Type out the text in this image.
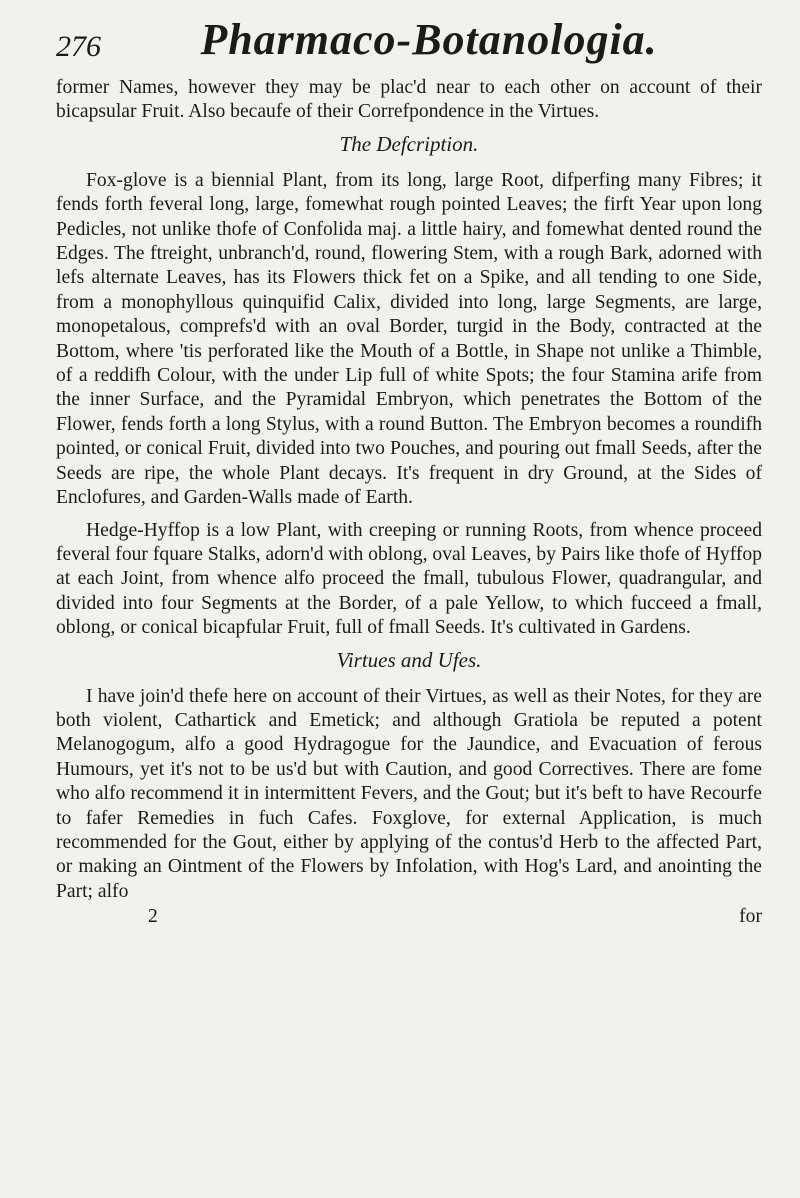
276 Pharmaco-Botanologia.

former Names, however they may be plac'd near to each other on account of their bicapsular Fruit. Also becaufe of their Correfpondence in the Virtues.

The Defcription.

Fox-glove is a biennial Plant, from its long, large Root, difperfing many Fibres; it fends forth feveral long, large, fomewhat rough pointed Leaves; the firft Year upon long Pedicles, not unlike thofe of Confolida maj. a little hairy, and fomewhat dented round the Edges. The ftreight, unbranch'd, round, flowering Stem, with a rough Bark, adorned with lefs alternate Leaves, has its Flowers thick fet on a Spike, and all tending to one Side, from a monophyllous quinquifid Calix, divided into long, large Segments, are large, monopetalous, comprefs'd with an oval Border, turgid in the Body, contracted at the Bottom, where 'tis perforated like the Mouth of a Bottle, in Shape not unlike a Thimble, of a reddifh Colour, with the under Lip full of white Spots; the four Stamina arife from the inner Surface, and the Pyramidal Embryon, which penetrates the Bottom of the Flower, fends forth a long Stylus, with a round Button. The Embryon becomes a roundifh pointed, or conical Fruit, divided into two Pouches, and pouring out fmall Seeds, after the Seeds are ripe, the whole Plant decays. It's frequent in dry Ground, at the Sides of Enclofures, and Garden-Walls made of Earth.

Hedge-Hyffop is a low Plant, with creeping or running Roots, from whence proceed feveral four fquare Stalks, adorn'd with oblong, oval Leaves, by Pairs like thofe of Hyffop at each Joint, from whence alfo proceed the fmall, tubulous Flower, quadrangular, and divided into four Segments at the Border, of a pale Yellow, to which fucceed a fmall, oblong, or conical bicapfular Fruit, full of fmall Seeds. It's cultivated in Gardens.

Virtues and Ufes.

I have join'd thefe here on account of their Virtues, as well as their Notes, for they are both violent, Cathartick and Emetick; and although Gratiola be reputed a potent Melanogogum, alfo a good Hydragogue for the Jaundice, and Evacuation of ferous Humours, yet it's not to be us'd but with Caution, and good Correctives. There are fome who alfo recommend it in intermittent Fevers, and the Gout; but it's beft to have Recourfe to fafer Remedies in fuch Cafes. Foxglove, for external Application, is much recommended for the Gout, either by applying of the contus'd Herb to the affected Part, or making an Ointment of the Flowers by Infolation, with Hog's Lard, and anointing the Part; alfo

2	for
